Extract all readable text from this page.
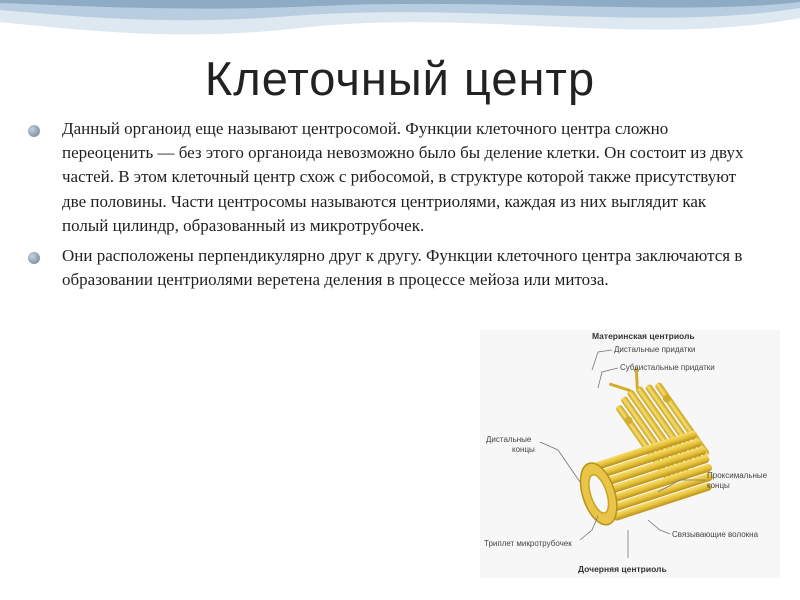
Клеточный центр
Данный органоид еще называют центросомой. Функции клеточного центра сложно переоценить — без этого органоида невозможно было бы деление клетки. Он состоит из двух частей. В этом клеточный центр схож с рибосомой, в структуре которой также присутствуют две половины. Части центросомы называются центриолями, каждая из них выглядит как полый цилиндр, образованный из микротрубочек.
Они расположены перпендикулярно друг к другу. Функции клеточного центра заключаются в образовании центриолями веретена деления в процессе мейоза или митоза.
Материнская центриоль
Дистальные придатки
Субдистальные придатки
Дистальные
концы
Проксимальные
концы
Триплет микротрубочек
Связывающие волокна
Дочерняя центриоль
